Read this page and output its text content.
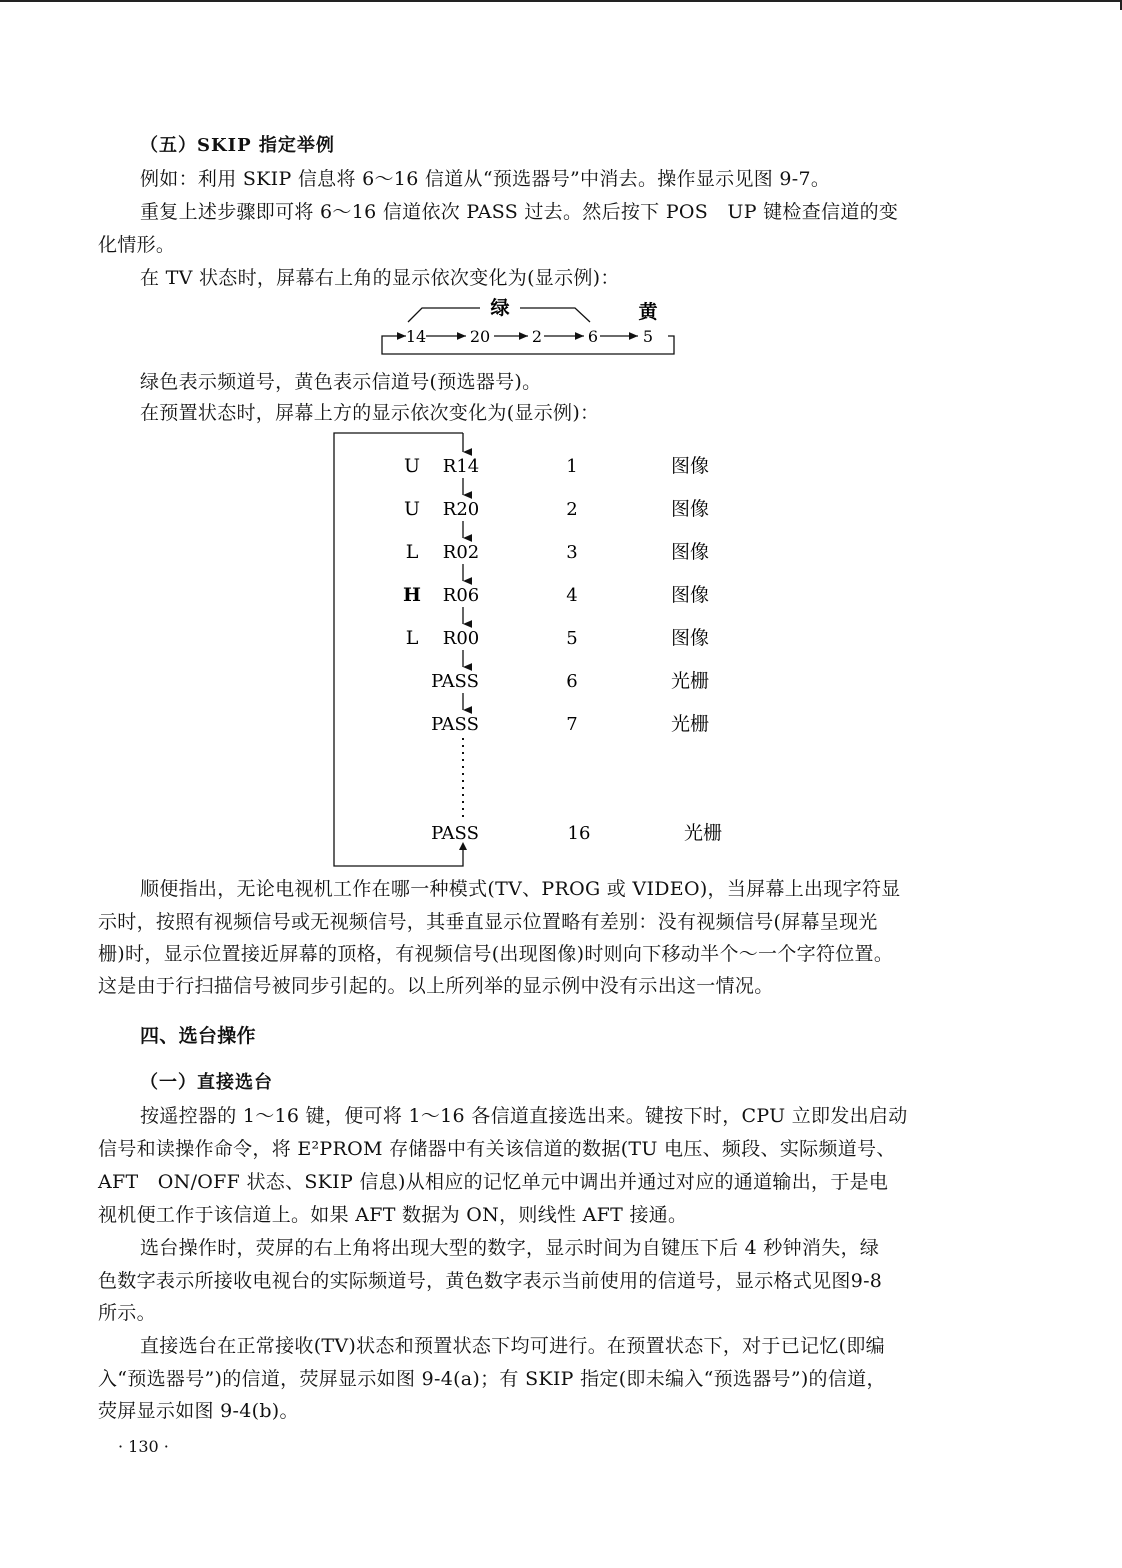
（五）SKIP 指定举例
例如：利用 SKIP 信息将 6～16 信道从“预选器号”中消去。操作显示见图 9-7。
重复上述步骤即可将 6～16 信道依次 PASS 过去。然后按下 POS　UP 键检查信道的变
化情形。
在 TV 状态时，屏幕右上角的显示依次变化为(显示例)：
绿	黄
14	20	2	6	5
绿色表示频道号，黄色表示信道号(预选器号)。
在预置状态时，屏幕上方的显示依次变化为(显示例)：
U R14	1	图像
U R20	2	图像
L R02	3	图像
H R06	4	图像
L R00	5	图像
PASS	6	光栅
PASS	7	光栅
PASS	16	光栅
顺便指出，无论电视机工作在哪一种模式(TV、PROG 或 VIDEO)，当屏幕上出现字符显
示时，按照有视频信号或无视频信号，其垂直显示位置略有差别：没有视频信号(屏幕呈现光
栅)时，显示位置接近屏幕的顶格，有视频信号(出现图像)时则向下移动半个～一个字符位置。
这是由于行扫描信号被同步引起的。以上所列举的显示例中没有示出这一情况。
四、选台操作
（一）直接选台
按遥控器的 1～16 键，便可将 1～16 各信道直接选出来。键按下时，CPU 立即发出启动
信号和读操作命令，将 E²PROM 存储器中有关该信道的数据(TU 电压、频段、实际频道号、
AFT　ON/OFF 状态、SKIP 信息)从相应的记忆单元中调出并通过对应的通道输出，于是电
视机便工作于该信道上。如果 AFT 数据为 ON，则线性 AFT 接通。
选台操作时，荧屏的右上角将出现大型的数字，显示时间为自键压下后 4 秒钟消失，绿
色数字表示所接收电视台的实际频道号，黄色数字表示当前使用的信道号，显示格式见图9-8
所示。
直接选台在正常接收(TV)状态和预置状态下均可进行。在预置状态下，对于已记忆(即编
入“预选器号”)的信道，荧屏显示如图 9-4(a)；有 SKIP 指定(即未编入“预选器号”)的信道，
荧屏显示如图 9-4(b)。
· 130 ·
